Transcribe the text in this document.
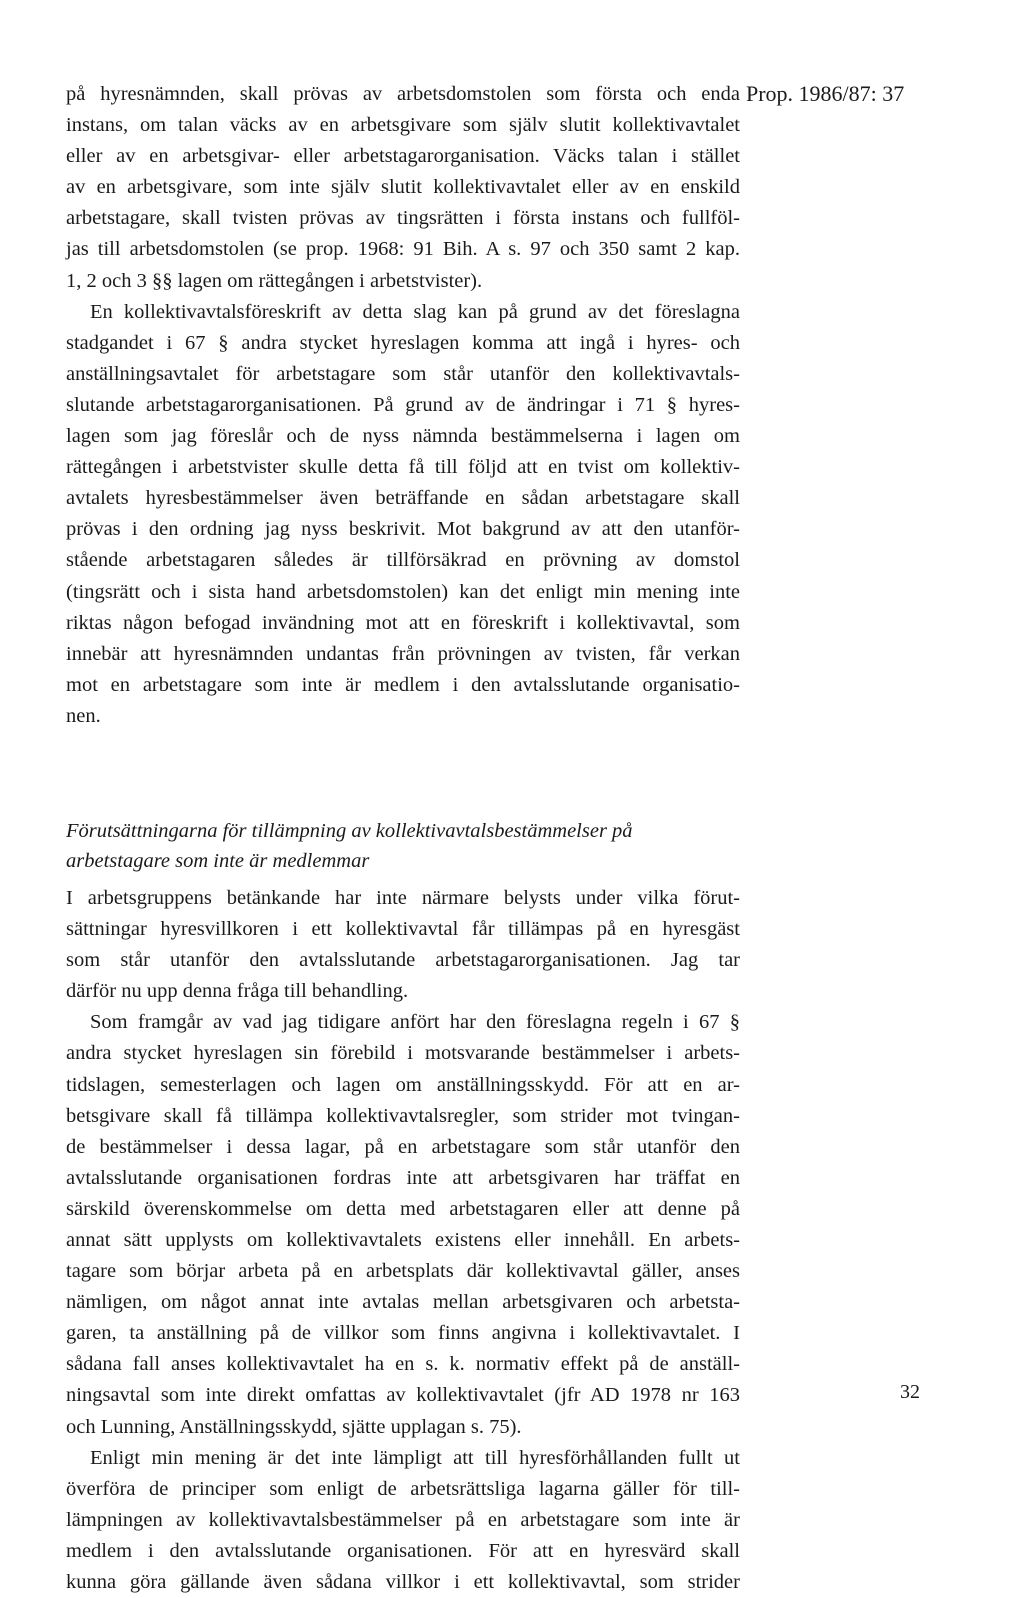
Prop. 1986/87: 37
på hyresnämnden, skall prövas av arbetsdomstolen som första och enda
instans, om talan väcks av en arbetsgivare som själv slutit kollektivavtalet
eller av en arbetsgivar- eller arbetstagarorganisation. Väcks talan i stället
av en arbetsgivare, som inte själv slutit kollektivavtalet eller av en enskild
arbetstagare, skall tvisten prövas av tingsrätten i första instans och fullföl-
jas till arbetsdomstolen (se prop. 1968: 91 Bih. A s. 97 och 350 samt 2 kap.
1, 2 och 3 §§ lagen om rättegången i arbetstvister).
En kollektivavtalsföreskrift av detta slag kan på grund av det föreslagna
stadgandet i 67 § andra stycket hyreslagen komma att ingå i hyres- och
anställningsavtalet för arbetstagare som står utanför den kollektivavtals-
slutande arbetstagarorganisationen. På grund av de ändringar i 71 § hyres-
lagen som jag föreslår och de nyss nämnda bestämmelserna i lagen om
rättegången i arbetstvister skulle detta få till följd att en tvist om kollektiv-
avtalets hyresbestämmelser även beträffande en sådan arbetstagare skall
prövas i den ordning jag nyss beskrivit. Mot bakgrund av att den utanför-
stående arbetstagaren således är tillförsäkrad en prövning av domstol
(tingsrätt och i sista hand arbetsdomstolen) kan det enligt min mening inte
riktas någon befogad invändning mot att en föreskrift i kollektivavtal, som
innebär att hyresnämnden undantas från prövningen av tvisten, får verkan
mot en arbetstagare som inte är medlem i den avtalsslutande organisatio-
nen.
Förutsättningarna för tillämpning av kollektivavtalsbestämmelser på
arbetstagare som inte är medlemmar
I arbetsgruppens betänkande har inte närmare belysts under vilka förut-
sättningar hyresvillkoren i ett kollektivavtal får tillämpas på en hyresgäst
som står utanför den avtalsslutande arbetstagarorganisationen. Jag tar
därför nu upp denna fråga till behandling.
Som framgår av vad jag tidigare anfört har den föreslagna regeln i 67 §
andra stycket hyreslagen sin förebild i motsvarande bestämmelser i arbets-
tidslagen, semesterlagen och lagen om anställningsskydd. För att en ar-
betsgivare skall få tillämpa kollektivavtalsregler, som strider mot tvingan-
de bestämmelser i dessa lagar, på en arbetstagare som står utanför den
avtalsslutande organisationen fordras inte att arbetsgivaren har träffat en
särskild överenskommelse om detta med arbetstagaren eller att denne på
annat sätt upplysts om kollektivavtalets existens eller innehåll. En arbets-
tagare som börjar arbeta på en arbetsplats där kollektivavtal gäller, anses
nämligen, om något annat inte avtalas mellan arbetsgivaren och arbetsta-
garen, ta anställning på de villkor som finns angivna i kollektivavtalet. I
sådana fall anses kollektivavtalet ha en s. k. normativ effekt på de anställ-
ningsavtal som inte direkt omfattas av kollektivavtalet (jfr AD 1978 nr 163
och Lunning, Anställningsskydd, sjätte upplagan s. 75).
Enligt min mening är det inte lämpligt att till hyresförhållanden fullt ut
överföra de principer som enligt de arbetsrättsliga lagarna gäller för till-
lämpningen av kollektivavtalsbestämmelser på en arbetstagare som inte är
medlem i den avtalsslutande organisationen. För att en hyresvärd skall
kunna göra gällande även sådana villkor i ett kollektivavtal, som strider
32
